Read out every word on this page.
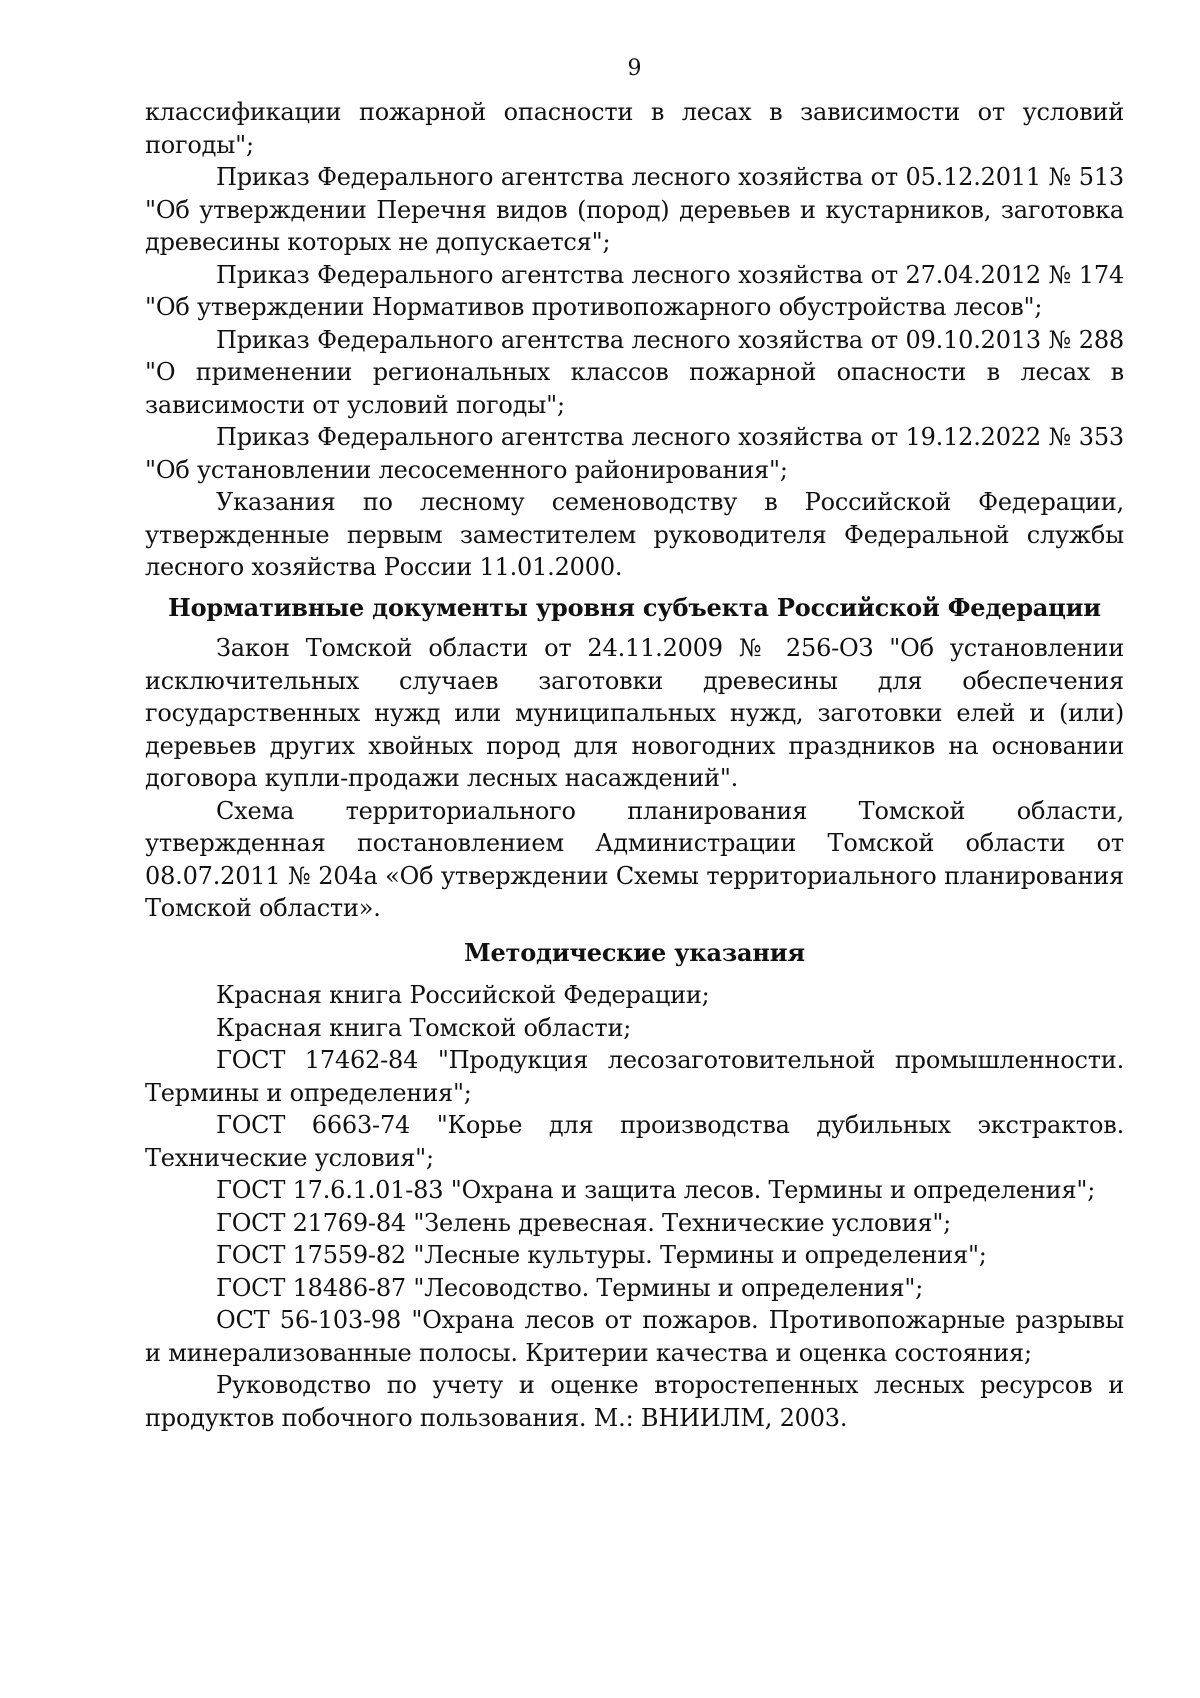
9

классификации пожарной опасности в лесах в зависимости от условий погоды";

Приказ Федерального агентства лесного хозяйства от 05.12.2011 № 513 "Об утверждении Перечня видов (пород) деревьев и кустарников, заготовка древесины которых не допускается";

Приказ Федерального агентства лесного хозяйства от 27.04.2012 № 174 "Об утверждении Нормативов противопожарного обустройства лесов";

Приказ Федерального агентства лесного хозяйства от 09.10.2013 № 288 "О применении региональных классов пожарной опасности в лесах в зависимости от условий погоды";

Приказ Федерального агентства лесного хозяйства от 19.12.2022 № 353 "Об установлении лесосеменного районирования";

Указания по лесному семеноводству в Российской Федерации, утвержденные первым заместителем руководителя Федеральной службы лесного хозяйства России 11.01.2000.

Нормативные документы уровня субъекта Российской Федерации

Закон Томской области от 24.11.2009 № 256-ОЗ "Об установлении исключительных случаев заготовки древесины для обеспечения государственных нужд или муниципальных нужд, заготовки елей и (или) деревьев других хвойных пород для новогодних праздников на основании договора купли-продажи лесных насаждений".

Схема территориального планирования Томской области, утвержденная постановлением Администрации Томской области от 08.07.2011 № 204а «Об утверждении Схемы территориального планирования Томской области».

Методические указания

Красная книга Российской Федерации;

Красная книга Томской области;

ГОСТ 17462-84 "Продукция лесозаготовительной промышленности. Термины и определения";

ГОСТ 6663-74 "Корье для производства дубильных экстрактов. Технические условия";

ГОСТ 17.6.1.01-83 "Охрана и защита лесов. Термины и определения";

ГОСТ 21769-84 "Зелень древесная. Технические условия";

ГОСТ 17559-82 "Лесные культуры. Термины и определения";

ГОСТ 18486-87 "Лесоводство. Термины и определения";

ОСТ 56-103-98 "Охрана лесов от пожаров. Противопожарные разрывы и минерализованные полосы. Критерии качества и оценка состояния;

Руководство по учету и оценке второстепенных лесных ресурсов и продуктов побочного пользования. М.: ВНИИЛМ, 2003.
